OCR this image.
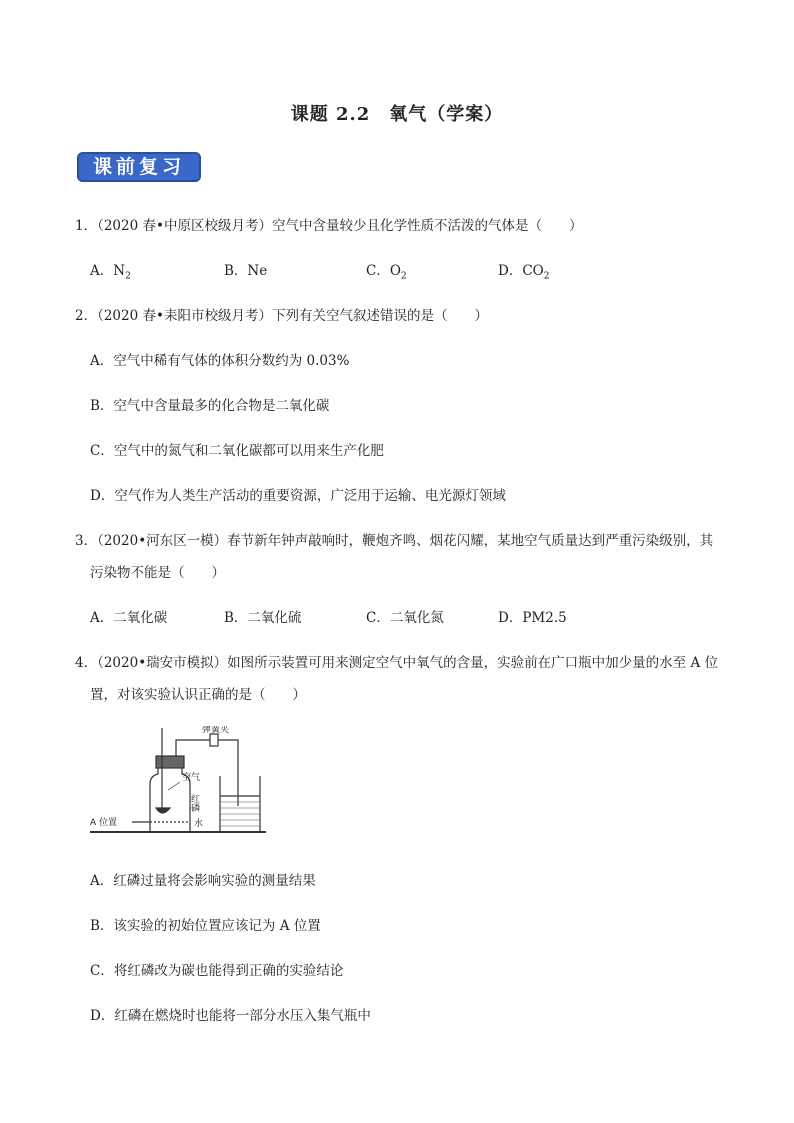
课题 2.2　氧气（学案）
课前复习
1．（2020 春•中原区校级月考）空气中含量较少且化学性质不活泼的气体是（　　）
A．$N_2$	B．Ne	C．$O_2$	D．$CO_2$
2．（2020 春•耒阳市校级月考）下列有关空气叙述错误的是（　　）
A．空气中稀有气体的体积分数约为 0.03%
B．空气中含量最多的化合物是二氧化碳
C．空气中的氮气和二氧化碳都可以用来生产化肥
D．空气作为人类生产活动的重要资源，广泛用于运输、电光源灯领域
3．（2020•河东区一模）春节新年钟声敲响时，鞭炮齐鸣、烟花闪耀，某地空气质量达到严重污染级别，其
污染物不能是（　　）
A．二氧化碳	B．二氧化硫	C．二氧化氮	D．PM2.5
4．（2020•瑞安市模拟）如图所示装置可用来测定空气中氧气的含量，实验前在广口瓶中加少量的水至 A 位
置，对该实验认识正确的是（　　）
弹簧夹
空气
红磷
水
A 位置
A．红磷过量将会影响实验的测量结果
B．该实验的初始位置应该记为 A 位置
C．将红磷改为碳也能得到正确的实验结论
D．红磷在燃烧时也能将一部分水压入集气瓶中
